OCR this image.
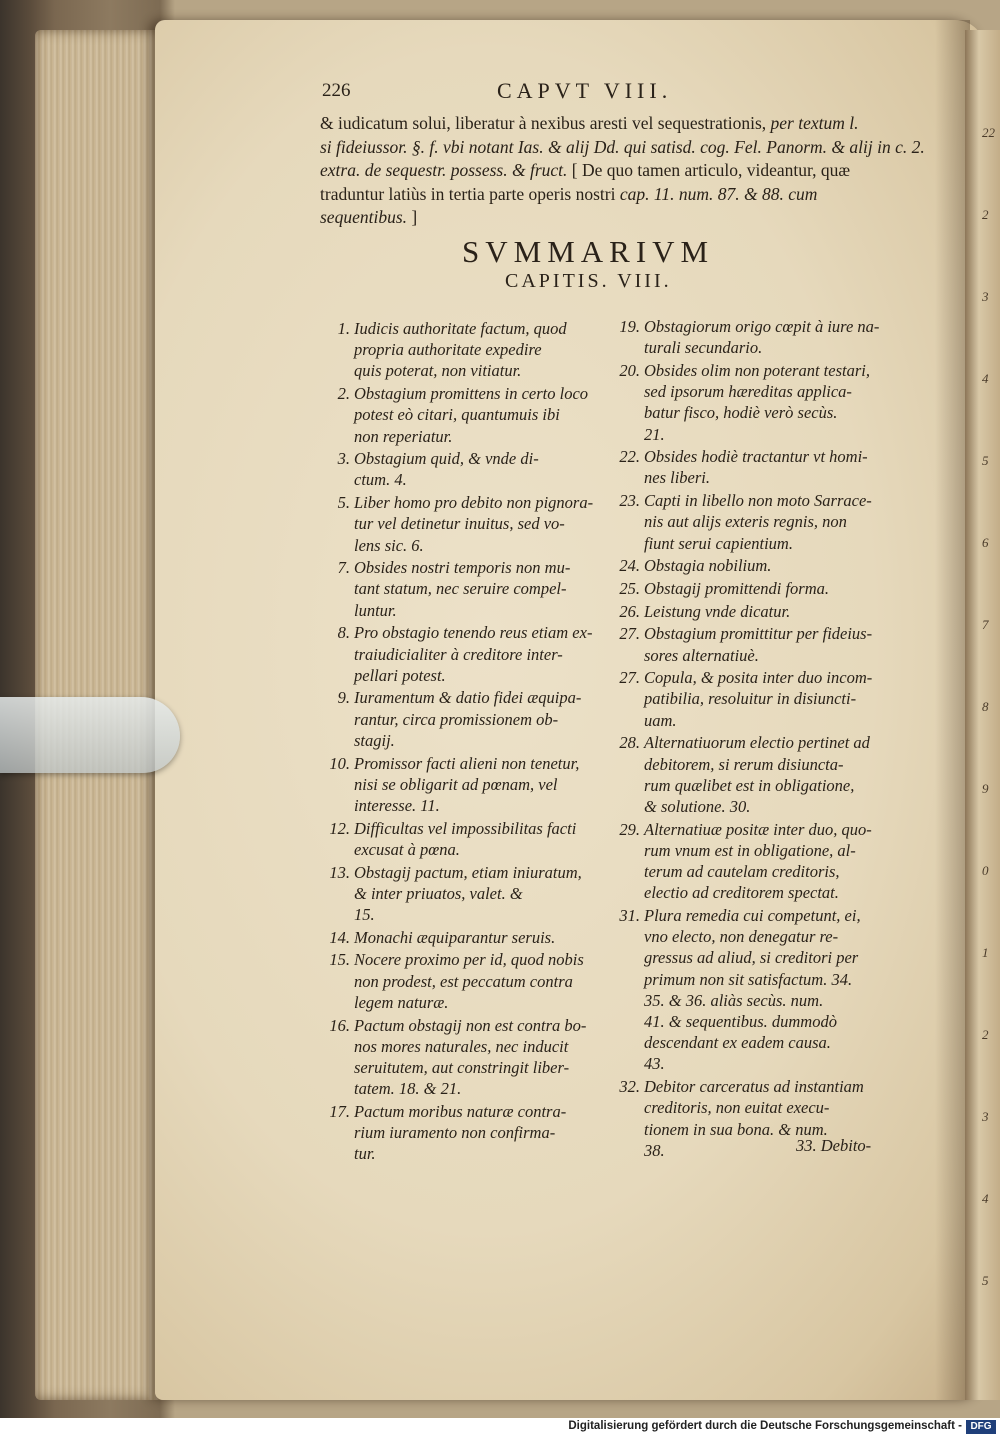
22
2
3
4
5
6
7
8
9
0
1
2
3
4
5
226	CAPVT VIII.
& iudicatum solui, liberatur à nexibus aresti vel sequestrationis, per textum l.
si fideiussor. §. f. vbi notant Ias. & alij Dd. qui satisd. cog. Fel. Panorm. & alij in c. 2.
extra. de sequestr. possess. & fruct. [ De quo tamen articulo, videantur, quæ
traduntur latiùs in tertia parte operis nostri cap. 11. num. 87. & 88. cum
sequentibus. ]
SVMMARIVM
CAPITIS. VIII.
1. Iudicis authoritate factum, quod
propria authoritate expedire
quis poterat, non vitiatur.
2. Obstagium promittens in certo loco
potest eò citari, quantumuis ibi
non reperiatur.
3. Obstagium quid, & vnde di-
ctum. 4.
5. Liber homo pro debito non pignora-
tur vel detinetur inuitus, sed vo-
lens sic. 6.
7. Obsides nostri temporis non mu-
tant statum, nec seruire compel-
luntur.
8. Pro obstagio tenendo reus etiam ex-
traiudicialiter à creditore inter-
pellari potest.
9. Iuramentum & datio fidei æquipa-
rantur, circa promissionem ob-
stagij.
10. Promissor facti alieni non tenetur,
nisi se obligarit ad pœnam, vel
interesse. 11.
12. Difficultas vel impossibilitas facti
excusat à pœna.
13. Obstagij pactum, etiam iniuratum,
& inter priuatos, valet. &
15.
14. Monachi æquiparantur seruis.
15. Nocere proximo per id, quod nobis
non prodest, est peccatum contra
legem naturæ.
16. Pactum obstagij non est contra bo-
nos mores naturales, nec inducit
seruitutem, aut constringit liber-
tatem. 18. & 21.
17. Pactum moribus naturæ contra-
rium iuramento non confirma-
tur.
19. Obstagiorum origo cœpit à iure na-
turali secundario.
20. Obsides olim non poterant testari,
sed ipsorum hæreditas applica-
batur fisco, hodiè verò secùs.
21.
22. Obsides hodiè tractantur vt homi-
nes liberi.
23. Capti in libello non moto Sarrace-
nis aut alijs exteris regnis, non
fiunt serui capientium.
24. Obstagia nobilium.
25. Obstagij promittendi forma.
26. Leistung vnde dicatur.
27. Obstagium promittitur per fideius-
sores alternatiuè.
27. Copula, & posita inter duo incom-
patibilia, resoluitur in disiuncti-
uam.
28. Alternatiuorum electio pertinet ad
debitorem, si rerum disiuncta-
rum quælibet est in obligatione,
& solutione. 30.
29. Alternatiuæ positæ inter duo, quo-
rum vnum est in obligatione, al-
terum ad cautelam creditoris,
electio ad creditorem spectat.
31. Plura remedia cui competunt, ei,
vno electo, non denegatur re-
gressus ad aliud, si creditori per
primum non sit satisfactum. 34.
35. & 36. aliàs secùs. num.
41. & sequentibus. dummodò
descendant ex eadem causa.
43.
32. Debitor carceratus ad instantiam
creditoris, non euitat execu-
tionem in sua bona. & num.
38.	33. Debito-
Digitalisierung gefördert durch die Deutsche Forschungsgemeinschaft - DFG
